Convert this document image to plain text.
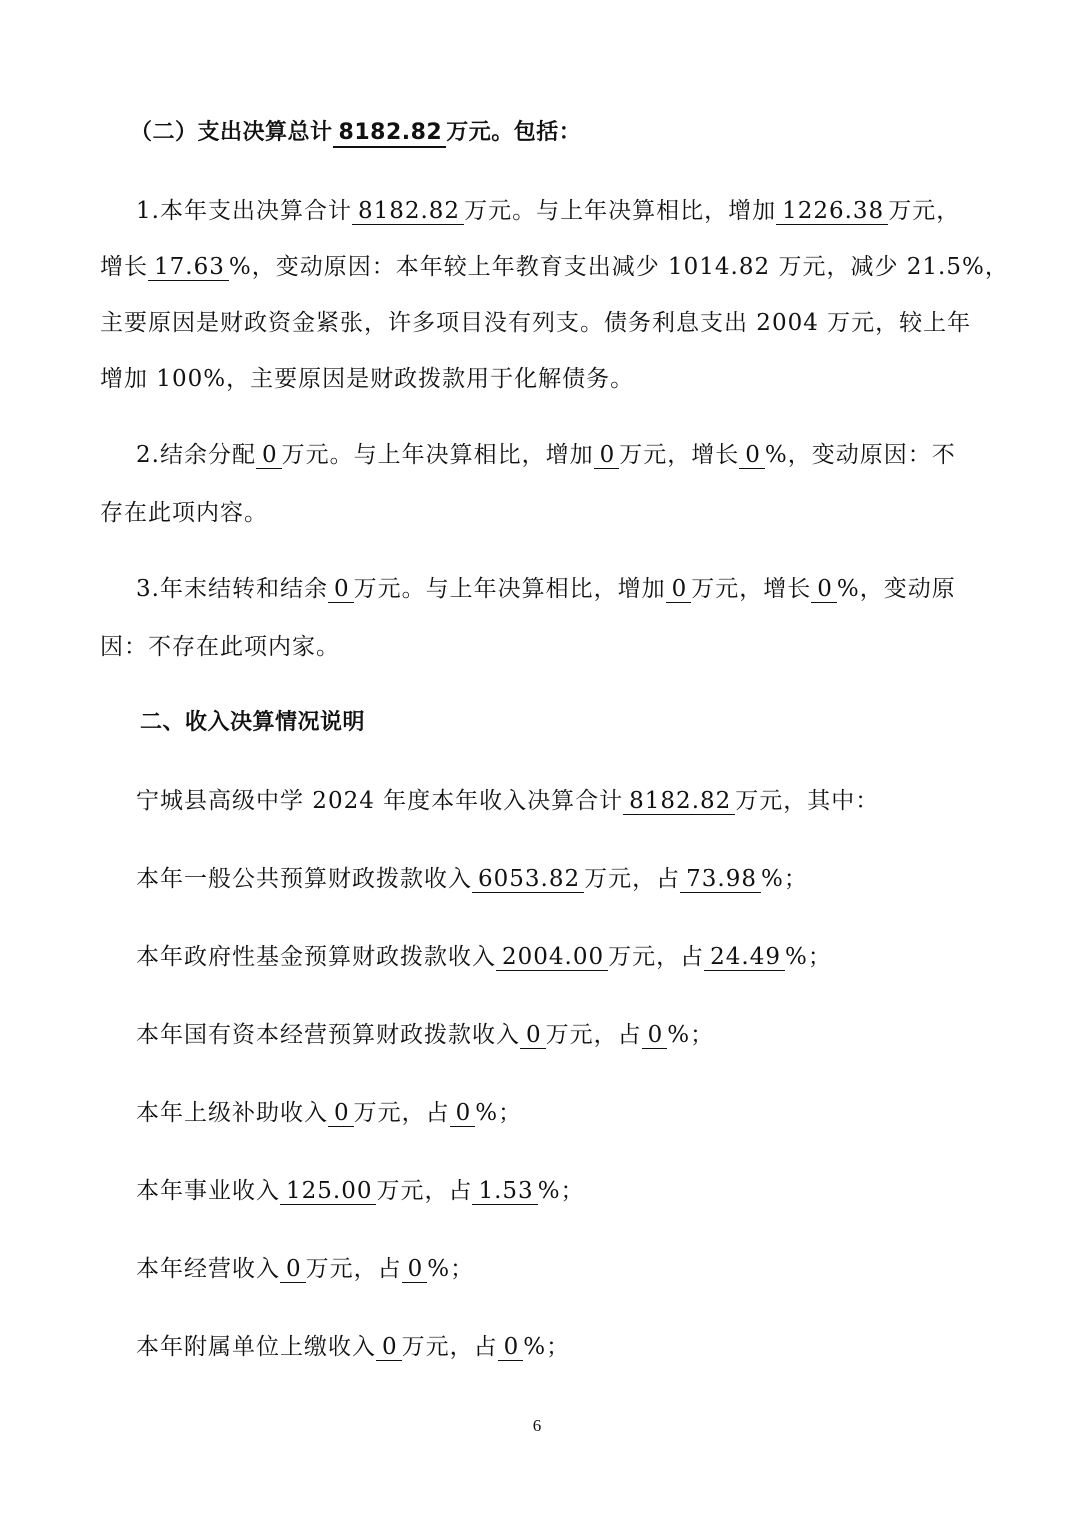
（二）支出决算总计 8182.82 万元。包括：
1.本年支出决算合计 8182.82 万元。与上年决算相比，增加 1226.38 万元，
增长 17.63 %，变动原因：本年较上年教育支出减少 1014.82 万元，减少 21.5%，
主要原因是财政资金紧张，许多项目没有列支。债务利息支出 2004 万元，较上年
增加 100%，主要原因是财政拨款用于化解债务。
2.结余分配 0 万元。与上年决算相比，增加 0 万元，增长 0 %，变动原因：不
存在此项内容。
3.年末结转和结余 0 万元。与上年决算相比，增加 0 万元，增长 0 %，变动原
因：不存在此项内家。
二、收入决算情况说明
宁城县高级中学 2024 年度本年收入决算合计 8182.82 万元，其中：
本年一般公共预算财政拨款收入 6053.82 万元，占 73.98 %；
本年政府性基金预算财政拨款收入 2004.00 万元，占 24.49 %；
本年国有资本经营预算财政拨款收入 0 万元，占 0 %；
本年上级补助收入 0 万元，占 0 %；
本年事业收入 125.00 万元，占 1.53 %；
本年经营收入 0 万元，占 0 %；
本年附属单位上缴收入 0 万元，占 0 %；
6
